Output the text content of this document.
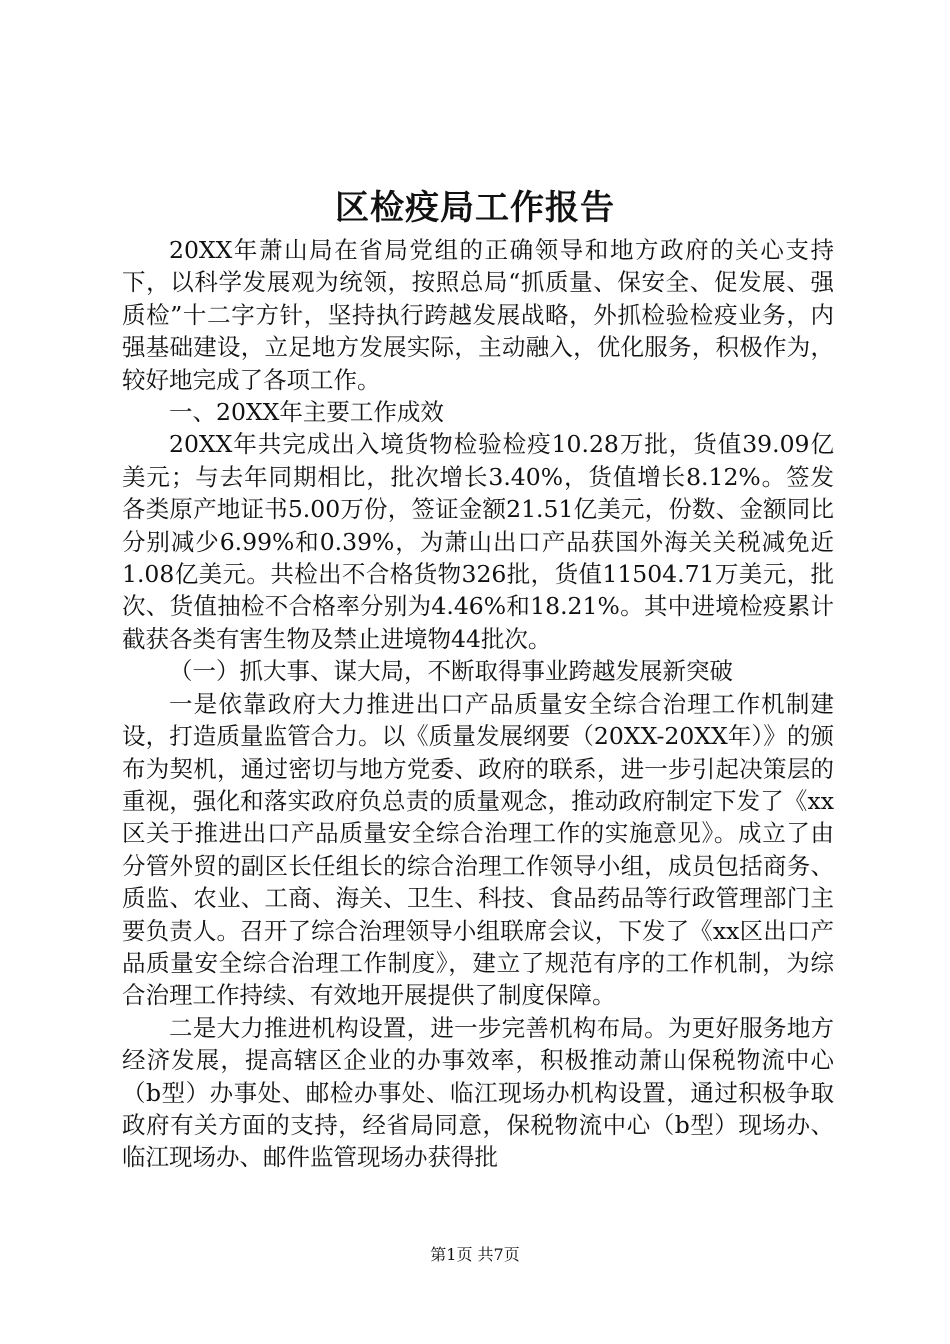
区检疫局工作报告

20XX年萧山局在省局党组的正确领导和地方政府的关心支持下，以科学发展观为统领，按照总局“抓质量、保安全、促发展、强质检”十二字方针，坚持执行跨越发展战略，外抓检验检疫业务，内强基础建设，立足地方发展实际，主动融入，优化服务，积极作为，较好地完成了各项工作。

一、20XX年主要工作成效

20XX年共完成出入境货物检验检疫10.28万批，货值39.09亿美元；与去年同期相比，批次增长3.40%，货值增长8.12%。签发各类原产地证书5.00万份，签证金额21.51亿美元，份数、金额同比分别减少6.99%和0.39%，为萧山出口产品获国外海关关税减免近1.08亿美元。共检出不合格货物326批，货值11504.71万美元，批次、货值抽检不合格率分别为4.46%和18.21%。其中进境检疫累计截获各类有害生物及禁止进境物44批次。

（一）抓大事、谋大局，不断取得事业跨越发展新突破

一是依靠政府大力推进出口产品质量安全综合治理工作机制建设，打造质量监管合力。以《质量发展纲要（20XX-20XX年）》的颁布为契机，通过密切与地方党委、政府的联系，进一步引起决策层的重视，强化和落实政府负总责的质量观念，推动政府制定下发了《xx区关于推进出口产品质量安全综合治理工作的实施意见》。成立了由分管外贸的副区长任组长的综合治理工作领导小组，成员包括商务、质监、农业、工商、海关、卫生、科技、食品药品等行政管理部门主要负责人。召开了综合治理领导小组联席会议，下发了《xx区出口产品质量安全综合治理工作制度》，建立了规范有序的工作机制，为综合治理工作持续、有效地开展提供了制度保障。

二是大力推进机构设置，进一步完善机构布局。为更好服务地方经济发展，提高辖区企业的办事效率，积极推动萧山保税物流中心（b型）办事处、邮检办事处、临江现场办机构设置，通过积极争取政府有关方面的支持，经省局同意，保税物流中心（b型）现场办、临江现场办、邮件监管现场办获得批

第1页 共7页
